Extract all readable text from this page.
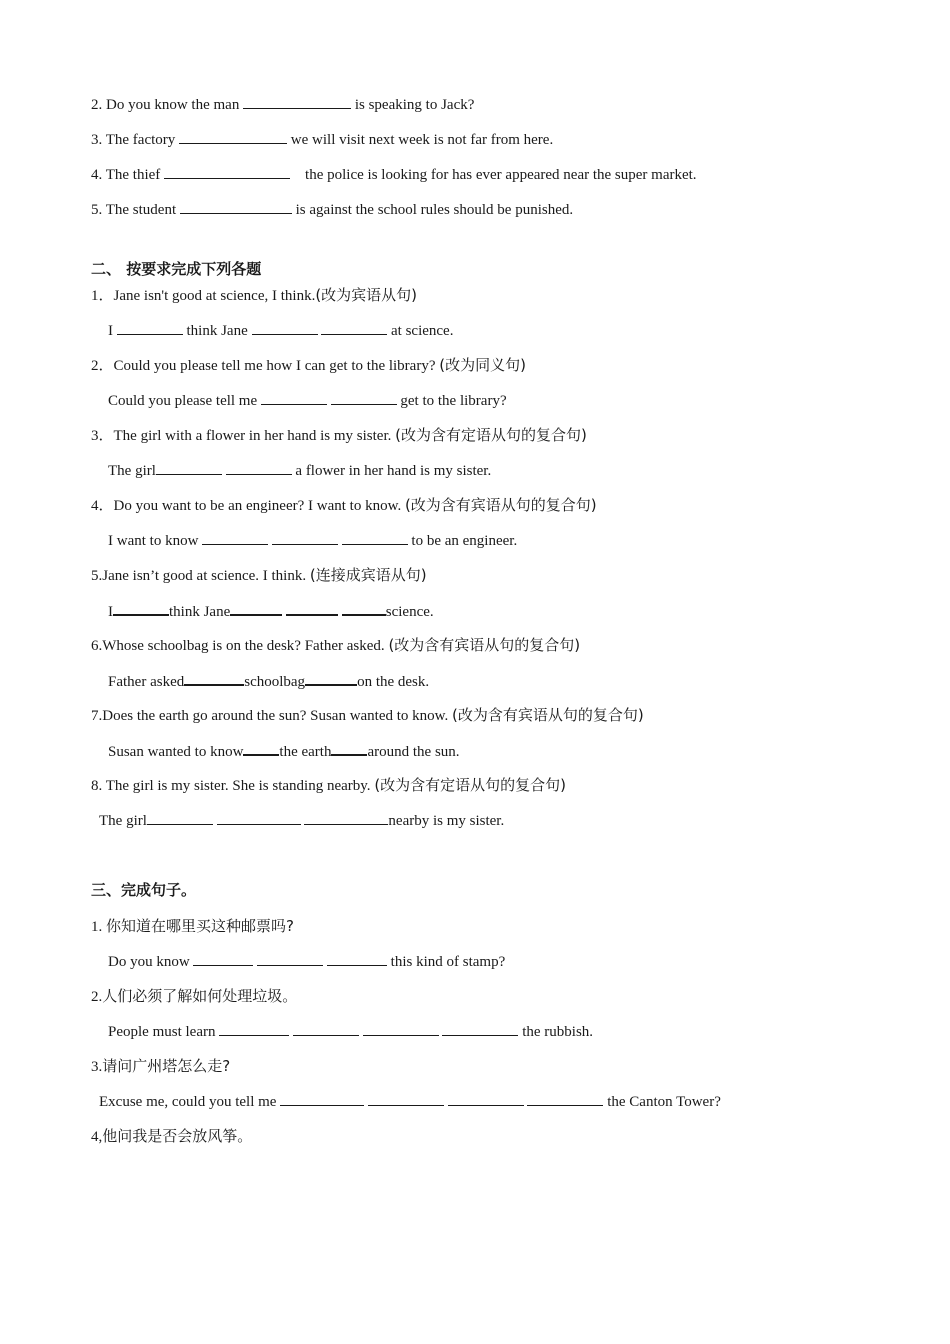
2. Do you know the man	is speaking to Jack?
3. The factory	we will visit next week is not far from here.
4. The thief	the police is looking for has ever appeared near the super market.
5. The student	is against the school rules should be punished.
二、 按要求完成下列各题
1．Jane isn't good at science, I think.(改为宾语从句)
I	think Jane	at science.
2．Could you please tell me how I can get to the library? (改为同义句)
Could you please tell me	get to the library?
3．The girl with a flower in her hand is my sister. (改为含有定语从句的复合句)
The girl	a flower in her hand is my sister.
4．Do you want to be an engineer? I want to know. (改为含有宾语从句的复合句)
I want to know	to be an engineer.
5.Jane isn’t good at science. I think. (连接成宾语从句)
I	think Jane	science.
6.Whose schoolbag is on the desk? Father asked. (改为含有宾语从句的复合句)
Father asked	schoolbag	on the desk.
7.Does the earth go around the sun? Susan wanted to know. (改为含有宾语从句的复合句)
Susan wanted to know the earth around the sun.
8. The girl is my sister. She is standing nearby. (改为含有定语从句的复合句)
The girl	nearby is my sister.
三、完成句子。
1. 你知道在哪里买这种邮票吗?
Do you know	this kind of stamp?
2.人们必须了解如何处理垃圾。
People must learn	the rubbish.
3.请问广州塔怎么走?
Excuse me, could you tell me	the Canton Tower?
4,他问我是否会放风筝。
